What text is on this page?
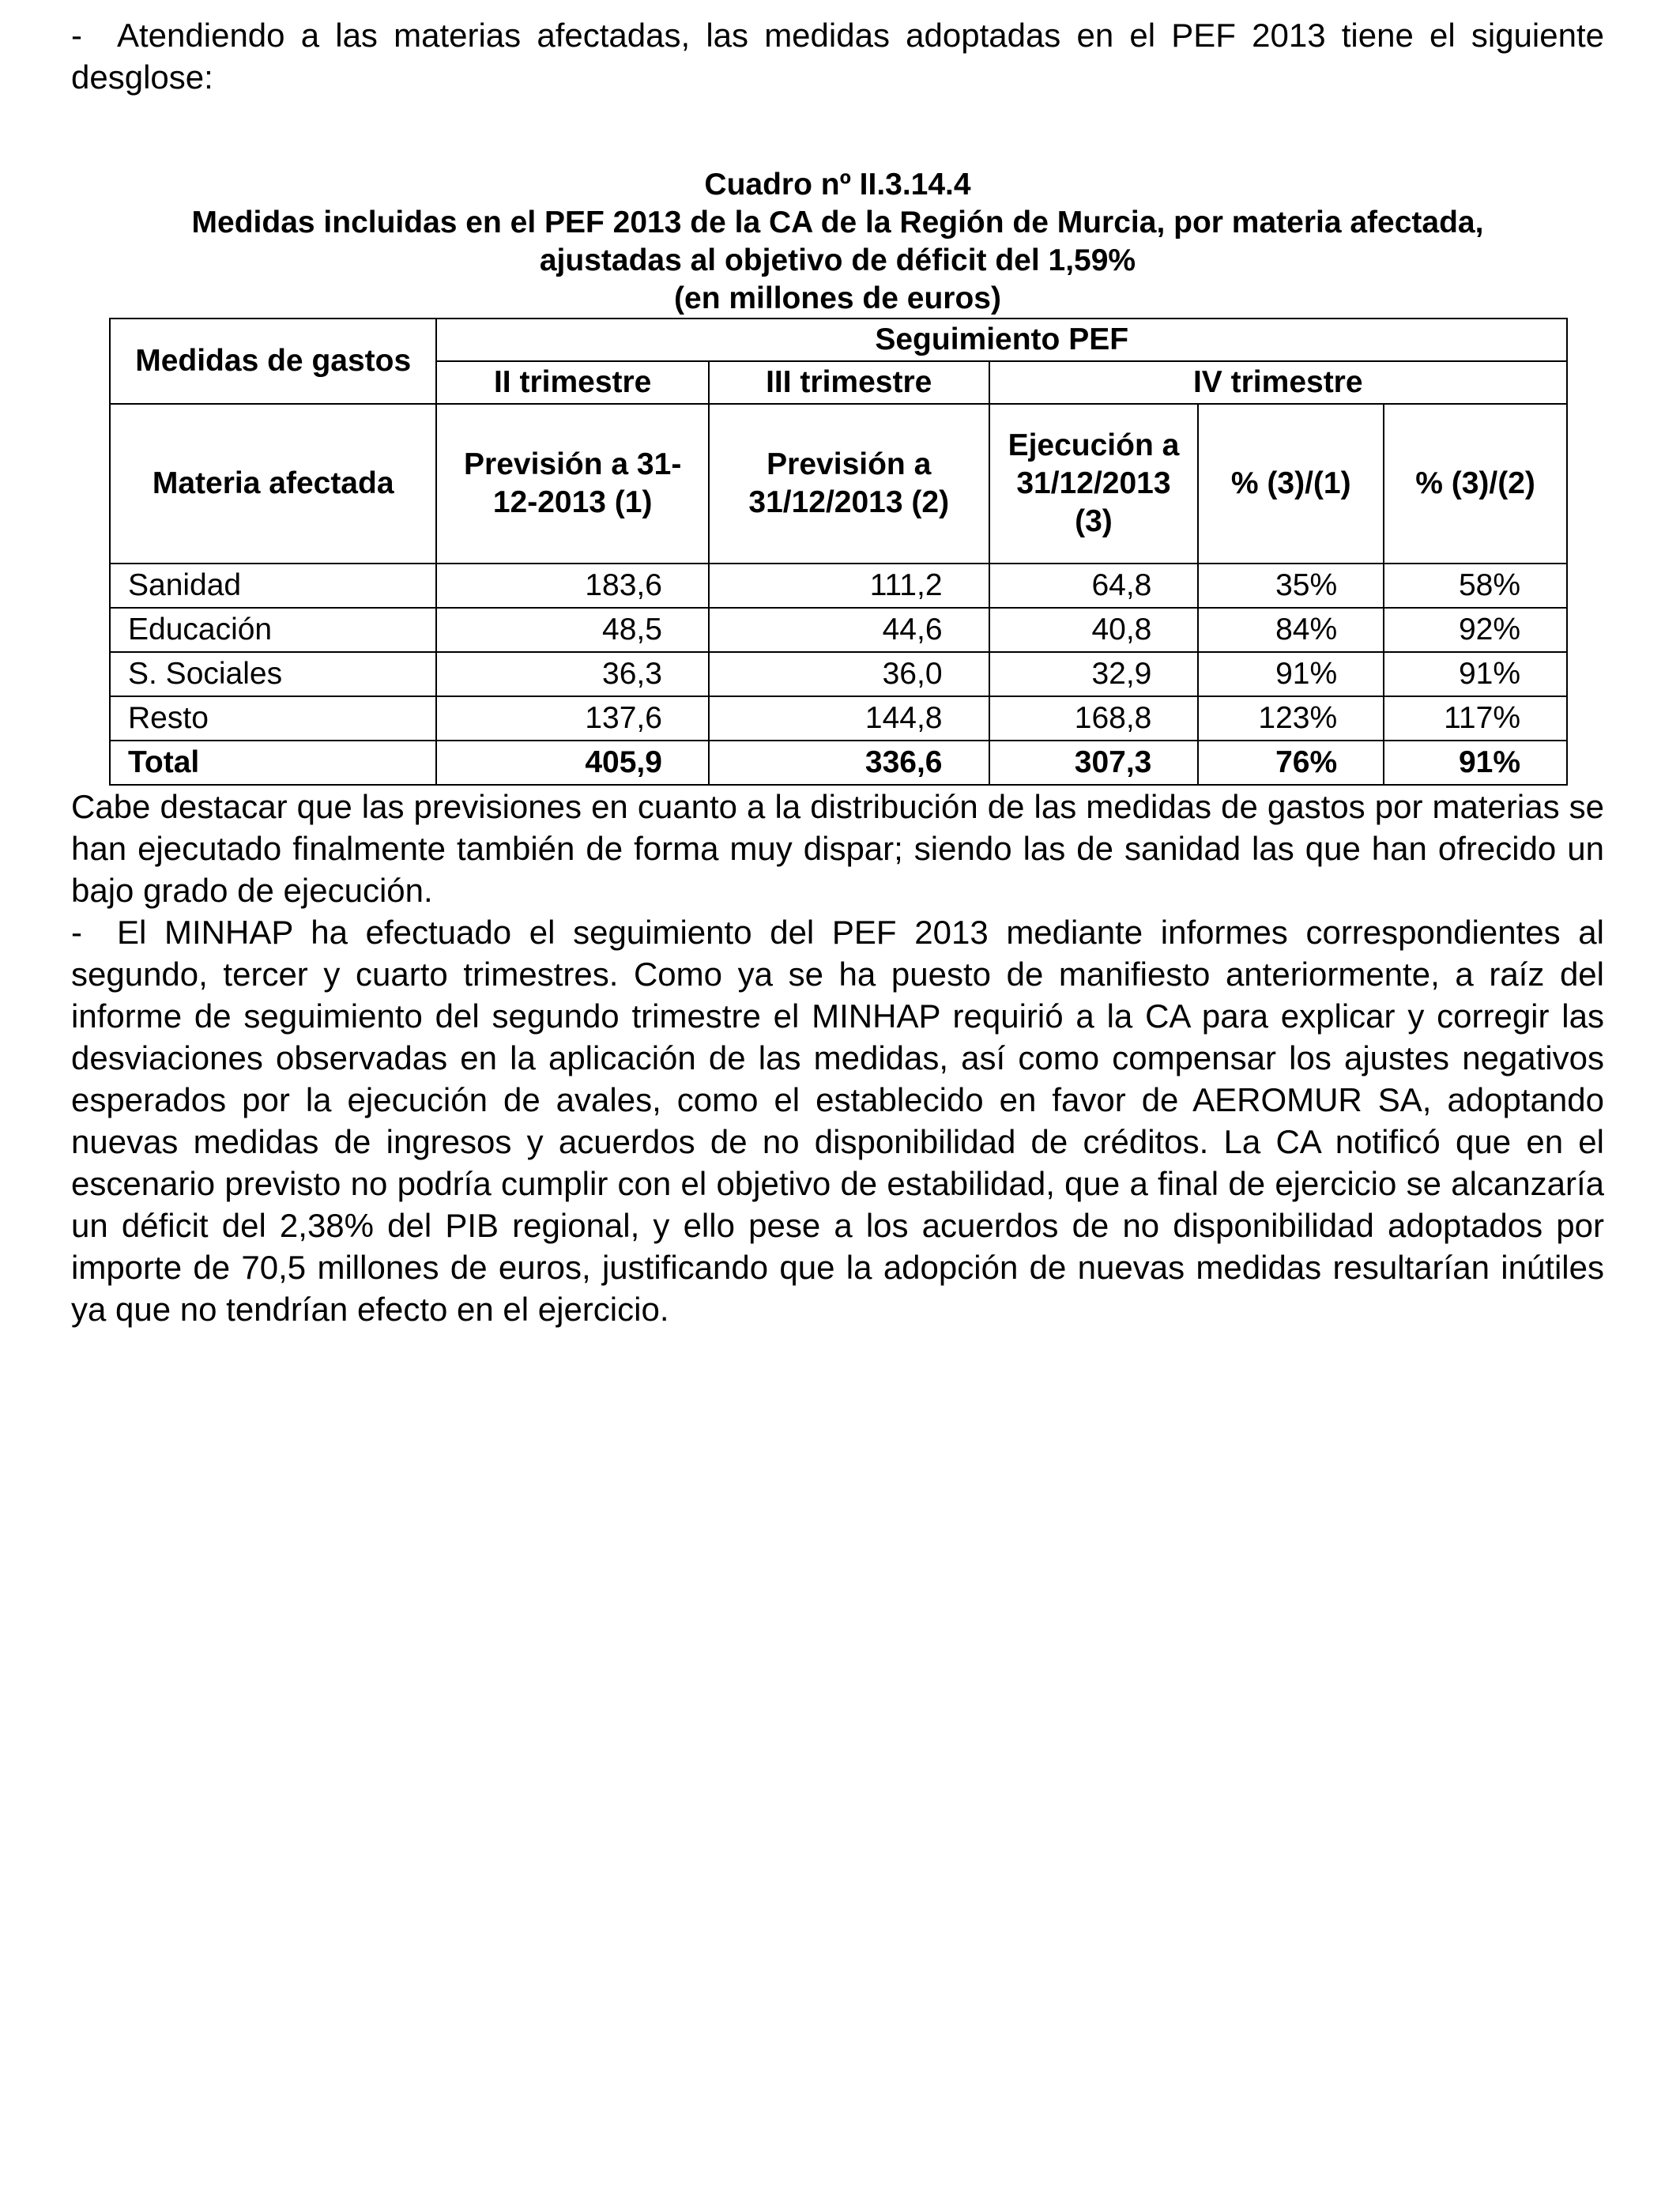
- Atendiendo a las materias afectadas, las medidas adoptadas en el PEF 2013 tiene el siguiente desglose:

Cuadro nº II.3.14.4
Medidas incluidas en el PEF 2013 de la CA de la Región de Murcia, por materia afectada,
ajustadas al objetivo de déficit del 1,59%
(en millones de euros)
Medidas de gastos	Seguimiento PEF				
	II trimestre	III trimestre	IV trimestre		
Materia afectada	Previsión a 31-12-2013 (1)	Previsión a 31/12/2013 (2)	Ejecución a 31/12/2013 (3)	% (3)/(1)	% (3)/(2)
Sanidad	183,6	111,2	64,8	35%	58%
Educación	48,5	44,6	40,8	84%	92%
S. Sociales	36,3	36,0	32,9	91%	91%
Resto	137,6	144,8	168,8	123%	117%
Total	405,9	336,6	307,3	76%	91%

Cabe destacar que las previsiones en cuanto a la distribución de las medidas de gastos por materias se han ejecutado finalmente también de forma muy dispar; siendo las de sanidad las que han ofrecido un bajo grado de ejecución.

- El MINHAP ha efectuado el seguimiento del PEF 2013 mediante informes correspondientes al segundo, tercer y cuarto trimestres. Como ya se ha puesto de manifiesto anteriormente, a raíz del informe de seguimiento del segundo trimestre el MINHAP requirió a la CA para explicar y corregir las desviaciones observadas en la aplicación de las medidas, así como compensar los ajustes negativos esperados por la ejecución de avales, como el establecido en favor de AEROMUR SA, adoptando nuevas medidas de ingresos y acuerdos de no disponibilidad de créditos. La CA notificó que en el escenario previsto no podría cumplir con el objetivo de estabilidad, que a final de ejercicio se alcanzaría un déficit del 2,38% del PIB regional, y ello pese a los acuerdos de no disponibilidad adoptados por importe de 70,5 millones de euros, justificando que la adopción de nuevas medidas resultarían inútiles ya que no tendrían efecto en el ejercicio.
